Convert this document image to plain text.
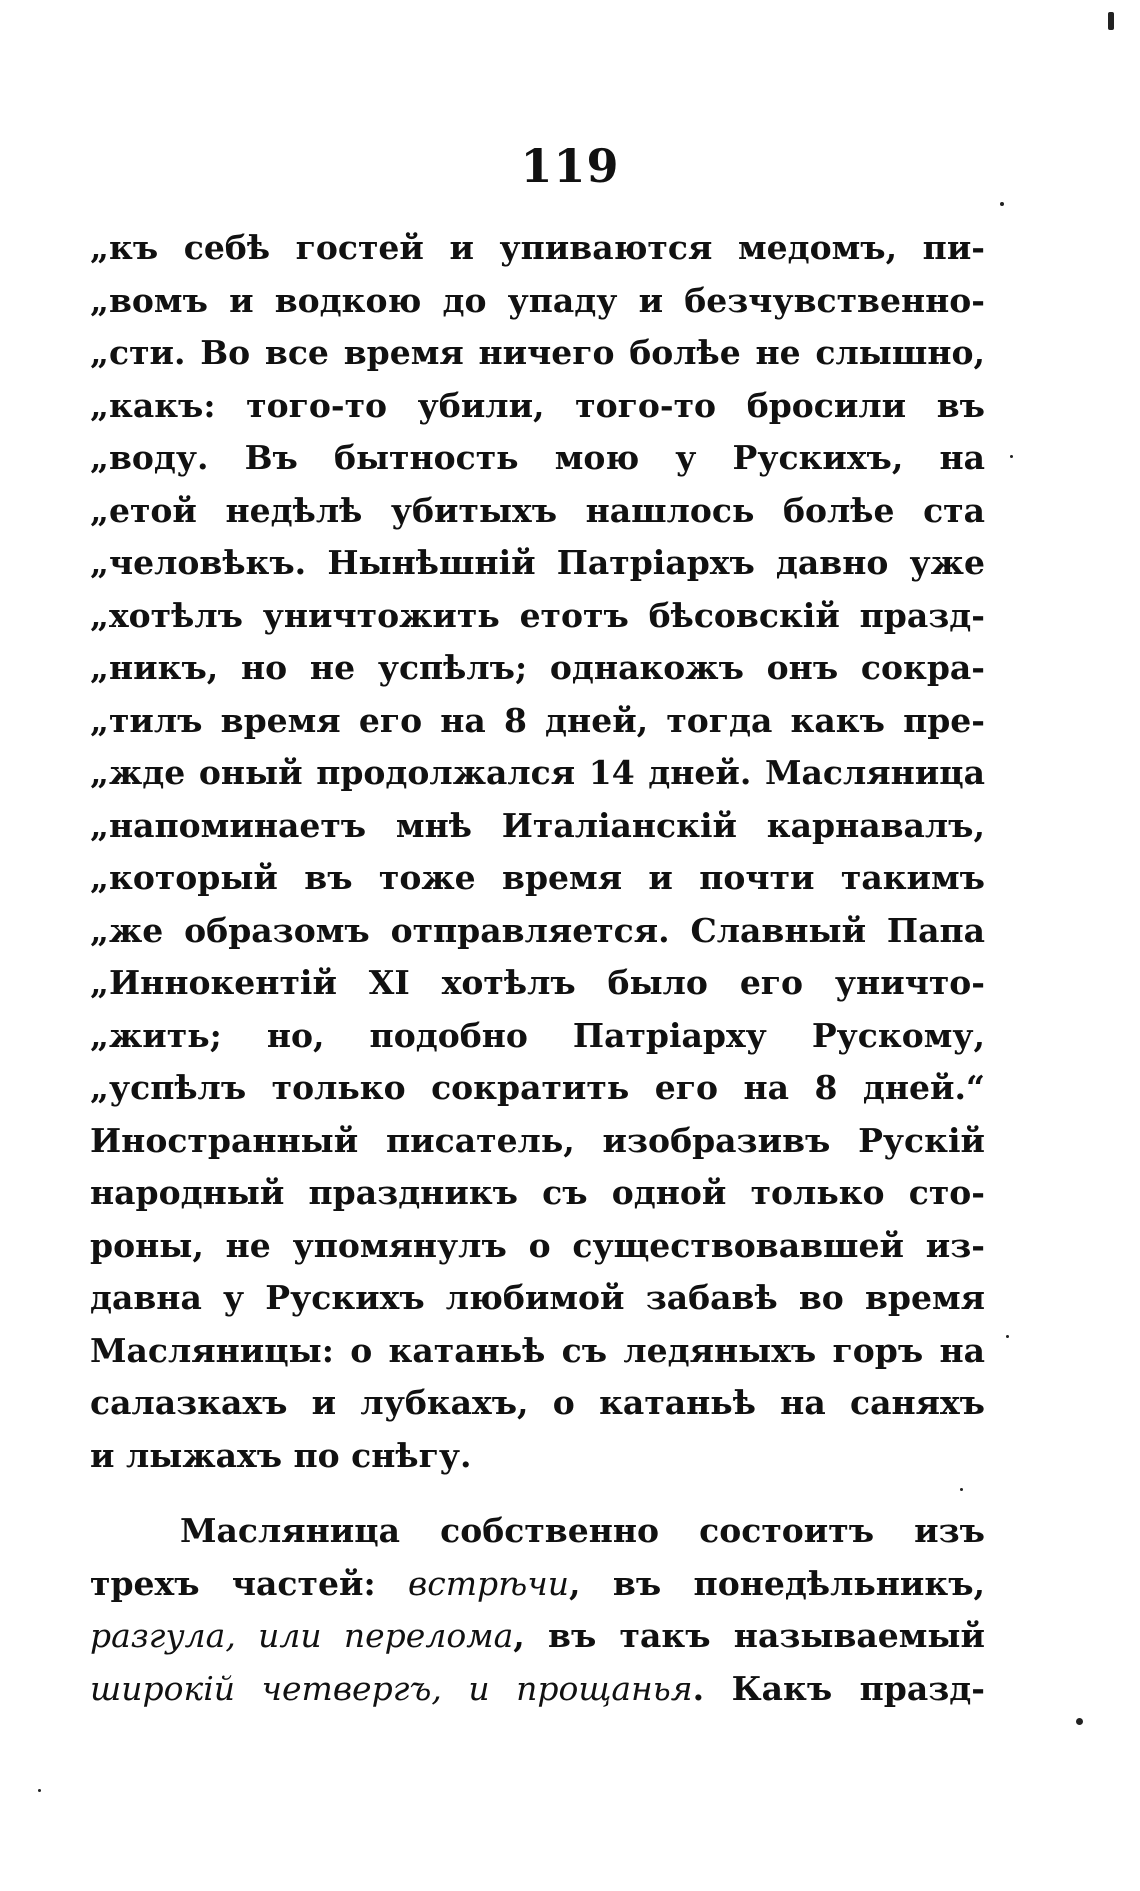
119
„къ себѣ гостей и упиваются медомъ, пи-
„вомъ и водкою до упаду и безчувственно-
„сти. Во все время ничего болѣе не слышно,
„какъ: того-то убили, того-то бросили въ
„воду. Въ бытность мою у Рускихъ, на
„етой недѣлѣ убитыхъ нашлось болѣе ста
„человѣкъ. Нынѣшній Патріархъ давно уже
„хотѣлъ уничтожить етотъ бѣсовскій празд-
„никъ, но не успѣлъ; однакожъ онъ сокра-
„тилъ время его на 8 дней, тогда какъ пре-
„жде оный продолжался 14 дней. Масляница
„напоминаетъ мнѣ Италіанскій карнавалъ,
„который въ тоже время и почти такимъ
„же образомъ отправляется. Славный Папа
„Иннокентій XI хотѣлъ было его уничто-
„жить; но, подобно Патріарху Рускому,
„успѣлъ только сократить его на 8 дней.“
Иностранный писатель, изобразивъ Рускій
народный праздникъ съ одной только сто-
роны, не упомянулъ о существовавшей из-
давна у Рускихъ любимой забавѣ во время
Масляницы: о катаньѣ съ ледяныхъ горъ на
салазкахъ и лубкахъ, о катаньѣ на саняхъ
и лыжахъ по снѣгу.
Масляница собственно состоитъ изъ
трехъ частей: встрѣчи, въ понедѣльникъ,
разгула, или перелома, въ такъ называемый
широкій четвергъ, и прощанья. Какъ празд-
